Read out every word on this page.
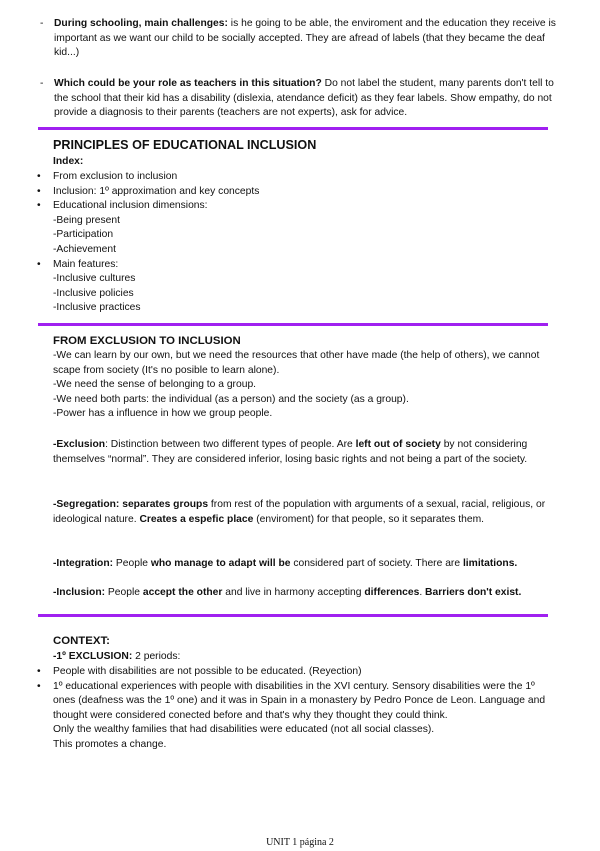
- During schooling, main challenges: is he going to be able, the enviroment and the education they receive is important as we want our child to be socially accepted. They are afread of labels (that they became the deaf kid...)
- Which could be your role as teachers in this situation? Do not label the student, many parents don't tell to the school that their kid has a disability (dislexia, atendance deficit) as they fear labels. Show empathy, do not provide a diagnosis to their parents (teachers are not experts), ask for advice.
PRINCIPLES OF EDUCATIONAL INCLUSION
Index:
• From exclusion to inclusion
• Inclusion: 1º approximation and key concepts
• Educational inclusion dimensions:
-Being present
-Participation
-Achievement
• Main features:
-Inclusive cultures
-Inclusive policies
-Inclusive practices
FROM EXCLUSION TO INCLUSION
-We can learn by our own, but we need the resources that other have made (the help of others), we cannot scape from society (It's no posible to learn alone).
-We need the sense of belonging to a group.
-We need both parts: the individual (as a person) and the society (as a group).
-Power has a influence in how we group people.
-Exclusion: Distinction between two different types of people. Are left out of society by not considering themselves “normal”. They are considered inferior, losing basic rights and not being a part of the society.
-Segregation: separates groups from rest of the population with arguments of a sexual, racial, religious, or ideological nature. Creates a espefic place (enviroment) for that people, so it separates them.
-Integration: People who manage to adapt will be considered part of society. There are limitations.
-Inclusion: People accept the other and live in harmony accepting differences. Barriers don't exist.
CONTEXT:
-1º EXCLUSION: 2 periods:
• People with disabilities are not possible to be educated. (Reyection)
• 1º educational experiences with people with disabilities in the XVI century. Sensory disabilities were the 1º ones (deafness was the 1º one) and it was in Spain in a monastery by Pedro Ponce de Leon. Language and thought were considered conected before and that's why they thought they could think.
Only the wealthy families that had disabilities were educated (not all social classes).
This promotes a change.
UNIT 1 página 2
